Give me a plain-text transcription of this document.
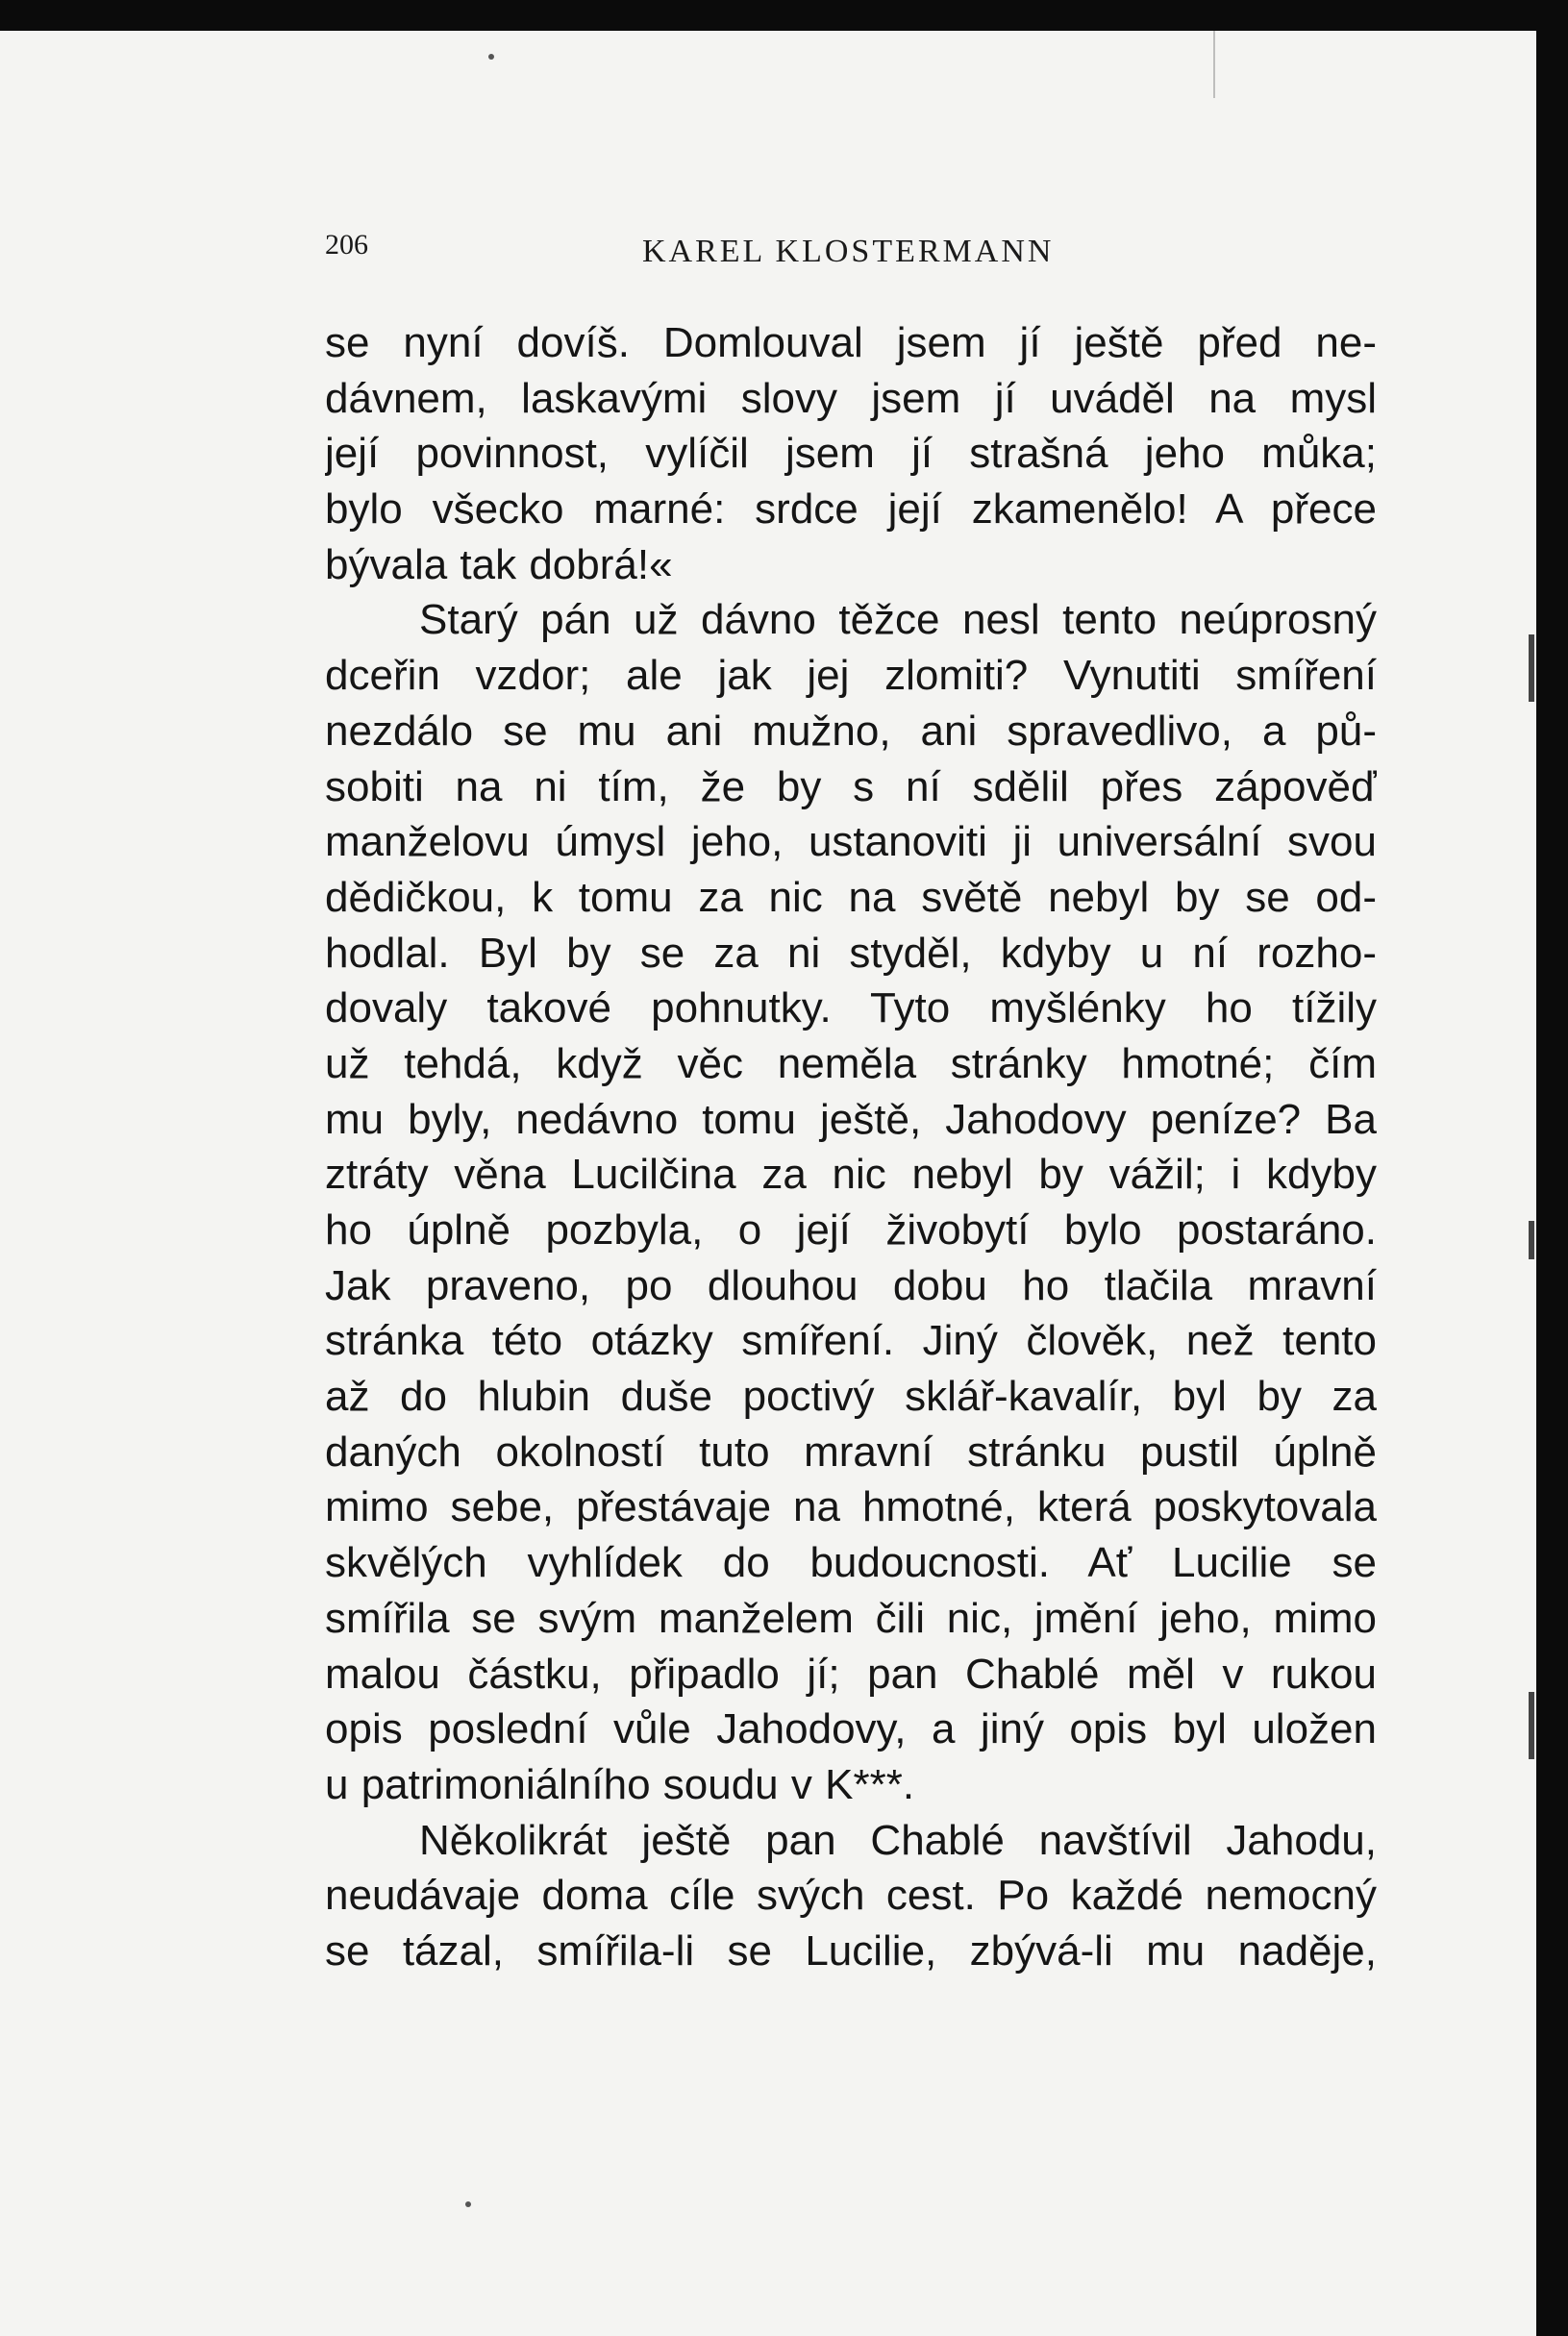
206	KAREL KLOSTERMANN
se nyní dovíš. Domlouval jsem jí ještě před ne-
dávnem, laskavými slovy jsem jí uváděl na mysl
její povinnost, vylíčil jsem jí strašná jeho můka;
bylo všecko marné: srdce její zkamenělo! A přece
bývala tak dobrá!«
Starý pán už dávno těžce nesl tento neúprosný
dceřin vzdor; ale jak jej zlomiti? Vynutiti smíření
nezdálo se mu ani mužno, ani spravedlivo, a pů-
sobiti na ni tím, že by s ní sdělil přes zápověď
manželovu úmysl jeho, ustanoviti ji universální svou
dědičkou, k tomu za nic na světě nebyl by se od-
hodlal. Byl by se za ni styděl, kdyby u ní rozho-
dovaly takové pohnutky. Tyto myšlénky ho tížily
už tehdá, když věc neměla stránky hmotné; čím
mu byly, nedávno tomu ještě, Jahodovy peníze? Ba
ztráty věna Lucilčina za nic nebyl by vážil; i kdyby
ho úplně pozbyla, o její živobytí bylo postaráno.
Jak praveno, po dlouhou dobu ho tlačila mravní
stránka této otázky smíření. Jiný člověk, než tento
až do hlubin duše poctivý sklář-kavalír, byl by za
daných okolností tuto mravní stránku pustil úplně
mimo sebe, přestávaje na hmotné, která poskytovala
skvělých vyhlídek do budoucnosti. Ať Lucilie se
smířila se svým manželem čili nic, jmění jeho, mimo
malou částku, připadlo jí; pan Chablé měl v rukou
opis poslední vůle Jahodovy, a jiný opis byl uložen
u patrimoniálního soudu v K***.
Několikrát ještě pan Chablé navštívil Jahodu,
neudávaje doma cíle svých cest. Po každé nemocný
se tázal, smířila-li se Lucilie, zbývá-li mu naděje,
